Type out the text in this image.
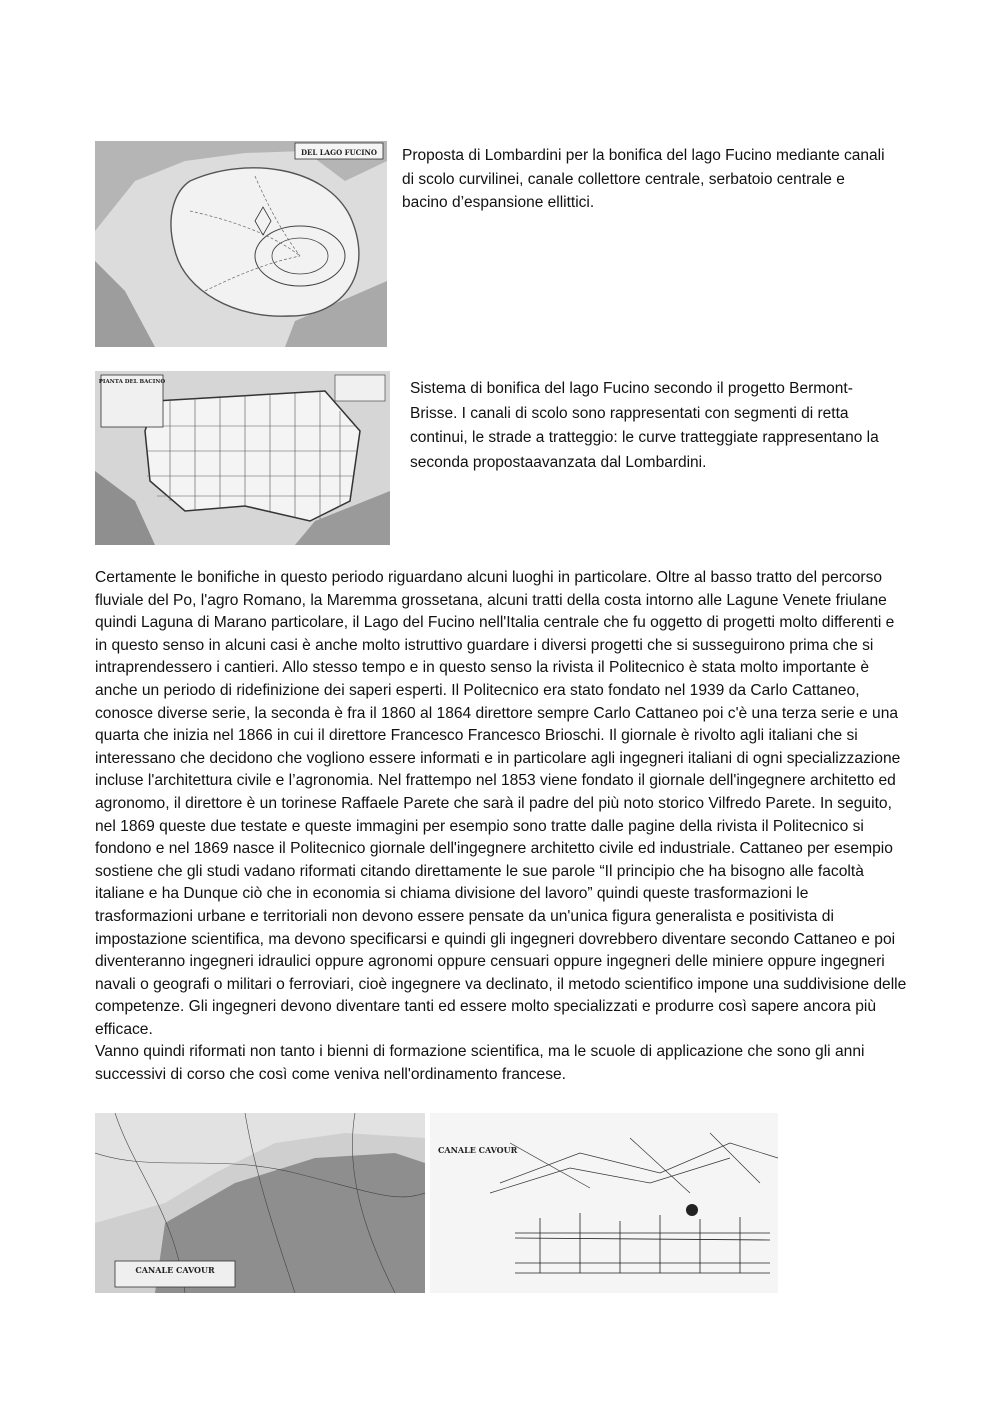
DEL LAGO FUCINO Proposta di Lombardini per la bonifica del lago Fucino mediante canali di scolo curvilinei, canale collettore centrale, serbatoio centrale e bacino d’espansione ellittici.

PIANTA DEL BACINO	Sistema di bonifica del lago Fucino secondo il progetto Bermont-Brisse. I canali di scolo sono rappresentati con segmenti di retta continui, le strade a tratteggio: le curve tratteggiate rappresentano la seconda propostaavanzata dal Lombardini.

Certamente le bonifiche in questo periodo riguardano alcuni luoghi in particolare. Oltre al basso tratto del percorso fluviale del Po, l'agro Romano, la Maremma grossetana, alcuni tratti della costa intorno alle Lagune Venete friulane quindi Laguna di Marano particolare, il Lago del Fucino nell'Italia centrale che fu oggetto di progetti molto differenti e in questo senso in alcuni casi è anche molto istruttivo guardare i diversi progetti che si susseguirono prima che si intraprendessero i cantieri. Allo stesso tempo e in questo senso la rivista il Politecnico è stata molto importante è anche un periodo di ridefinizione dei saperi esperti. Il Politecnico era stato fondato nel 1939 da Carlo Cattaneo, conosce diverse serie, la seconda è fra il 1860 al 1864 direttore sempre Carlo Cattaneo poi c'è una terza serie e una quarta che inizia nel 1866 in cui il direttore Francesco Francesco Brioschi. Il giornale è rivolto agli italiani che si interessano che decidono che vogliono essere informati e in particolare agli ingegneri italiani di ogni specializzazione incluse l'architettura civile e l’agronomia. Nel frattempo nel 1853 viene fondato il giornale dell'ingegnere architetto ed agronomo, il direttore è un torinese Raffaele Parete che sarà il padre del più noto storico Vilfredo Parete. In seguito, nel 1869 queste due testate e queste immagini per esempio sono tratte dalle pagine della rivista il Politecnico si fondono e nel 1869 nasce il Politecnico giornale dell'ingegnere architetto civile ed industriale. Cattaneo per esempio sostiene che gli studi vadano riformati citando direttamente le sue parole “Il principio che ha bisogno alle facoltà italiane e ha Dunque ciò che in economia si chiama divisione del lavoro” quindi queste trasformazioni le trasformazioni urbane e territoriali non devono essere pensate da un'unica figura generalista e positivista di impostazione scientifica, ma devono specificarsi e quindi gli ingegneri dovrebbero diventare secondo Cattaneo e poi diventeranno ingegneri idraulici oppure agronomi oppure censuari oppure ingegneri delle miniere oppure ingegneri navali o geografi o militari o ferroviari, cioè ingegnere va declinato, il metodo scientifico impone una suddivisione delle competenze. Gli ingegneri devono diventare tanti ed essere molto specializzati e produrre così sapere ancora più efficace.
Vanno quindi riformati non tanto i bienni di formazione scientifica, ma le scuole di applicazione che sono gli anni successivi di corso che così come veniva nell'ordinamento francese.
CANALE CAVOUR
CANALE CAVOUR
